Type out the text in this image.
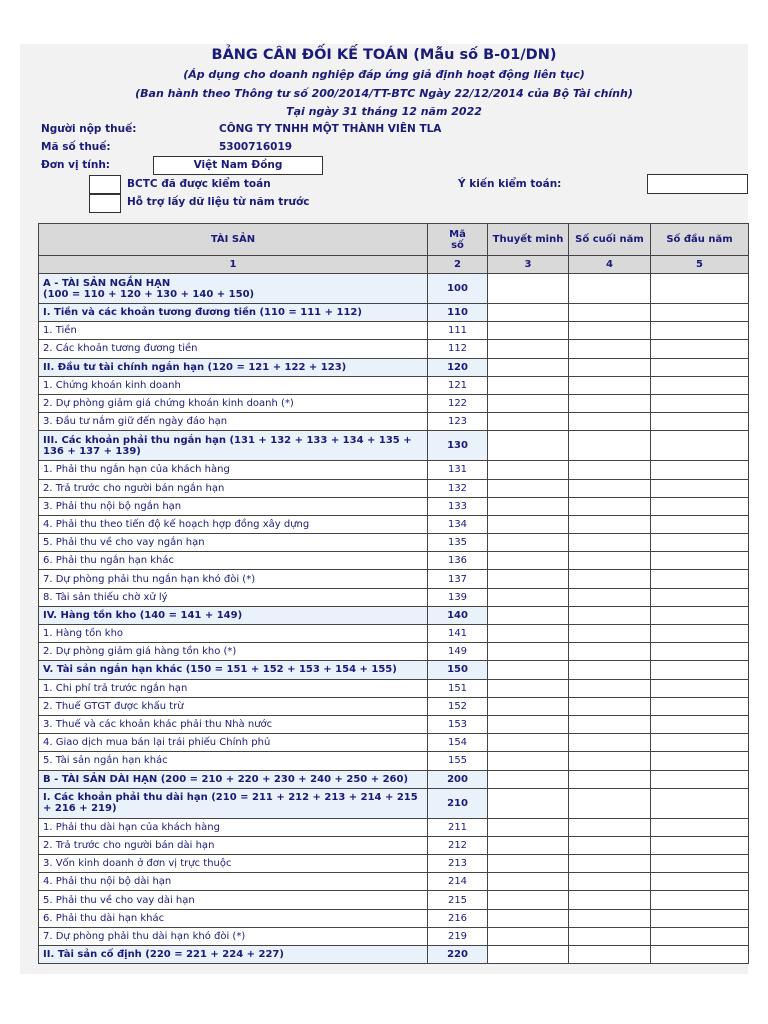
BẢNG CÂN ĐỐI KẾ TOÁN (Mẫu số B-01/DN)
(Áp dụng cho doanh nghiệp đáp ứng giả định hoạt động liên tục)
(Ban hành theo Thông tư số 200/2014/TT-BTC Ngày 22/12/2014 của Bộ Tài chính)
Tại ngày 31 tháng 12 năm 2022
Người nộp thuế:	CÔNG TY TNHH MỘT THÀNH VIÊN TLA
Mã số thuế:	5300716019
Đơn vị tính:	Việt Nam Đồng
BCTC đã được kiểm toán
Hỗ trợ lấy dữ liệu từ năm trước
Ý kiến kiểm toán:
TÀI SẢN	Mã số	Thuyết minh	Số cuối năm	Số đầu năm
1	2	3	4	5
A - TÀI SẢN NGẮN HẠN
(100 = 110 + 120 + 130 + 140 + 150)	100			
I. Tiền và các khoản tương đương tiền (110 = 111 + 112)	110			
1. Tiền	111			
2. Các khoản tương đương tiền	112			
II. Đầu tư tài chính ngắn hạn (120 = 121 + 122 + 123)	120			
1. Chứng khoán kinh doanh	121			
2. Dự phòng giảm giá chứng khoán kinh doanh (*)	122			
3. Đầu tư nắm giữ đến ngày đáo hạn	123			
III. Các khoản phải thu ngắn hạn (131 + 132 + 133 + 134 + 135 + 136 + 137 + 139)	130			
1. Phải thu ngắn hạn của khách hàng	131			
2. Trả trước cho người bán ngắn hạn	132			
3. Phải thu nội bộ ngắn hạn	133			
4. Phải thu theo tiến độ kế hoạch hợp đồng xây dựng	134			
5. Phải thu về cho vay ngắn hạn	135			
6. Phải thu ngắn hạn khác	136			
7. Dự phòng phải thu ngắn hạn khó đòi (*)	137			
8. Tài sản thiếu chờ xử lý	139			
IV. Hàng tồn kho (140 = 141 + 149)	140			
1. Hàng tồn kho	141			
2. Dự phòng giảm giá hàng tồn kho (*)	149			
V. Tài sản ngắn hạn khác (150 = 151 + 152 + 153 + 154 + 155)	150			
1. Chi phí trả trước ngắn hạn	151			
2. Thuế GTGT được khấu trừ	152			
3. Thuế và các khoản khác phải thu Nhà nước	153			
4. Giao dịch mua bán lại trái phiếu Chính phủ	154			
5. Tài sản ngắn hạn khác	155			
B - TÀI SẢN DÀI HẠN (200 = 210 + 220 + 230 + 240 + 250 + 260)	200			
I. Các khoản phải thu dài hạn (210 = 211 + 212 + 213 + 214 + 215 + 216 + 219)	210			
1. Phải thu dài hạn của khách hàng	211			
2. Trả trước cho người bán dài hạn	212			
3. Vốn kinh doanh ở đơn vị trực thuộc	213			
4. Phải thu nội bộ dài hạn	214			
5. Phải thu về cho vay dài hạn	215			
6. Phải thu dài hạn khác	216			
7. Dự phòng phải thu dài hạn khó đòi (*)	219			
II. Tài sản cố định (220 = 221 + 224 + 227)	220			
